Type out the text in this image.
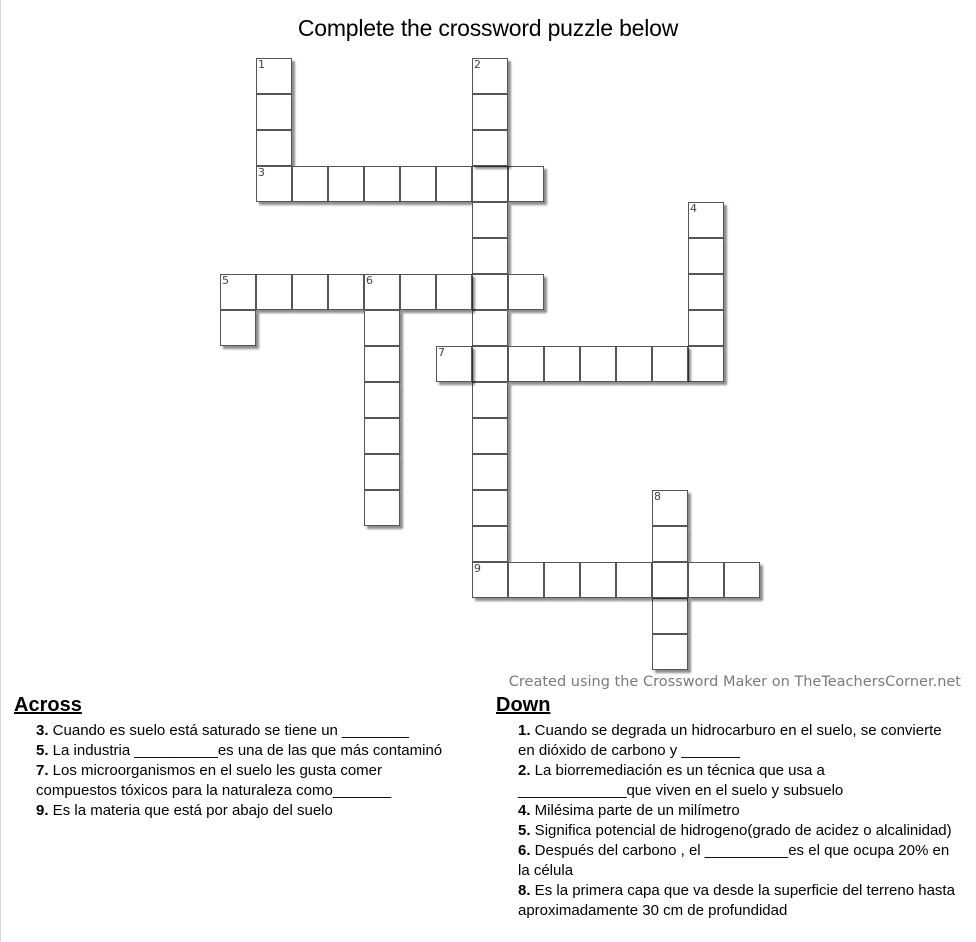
Complete the crossword puzzle below
1
3
2
4
5	6
7
8
9
Created using the Crossword Maker on TheTeachersCorner.net
Across
3. Cuando es suelo está saturado se tiene un ________
5. La industria __________es una de las que más contaminó
7. Los microorganismos en el suelo les gusta comer compuestos tóxicos para la naturaleza como_______
9. Es la materia que está por abajo del suelo
Down
1. Cuando se degrada un hidrocarburo en el suelo, se convierte en dióxido de carbono y _______
2. La biorremediación es un técnica que usa a _____________que viven en el suelo y subsuelo
4. Milésima parte de un milímetro
5. Significa potencial de hidrogeno(grado de acidez o alcalinidad)
6. Después del carbono , el __________es el que ocupa 20% en la célula
8. Es la primera capa que va desde la superficie del terreno hasta aproximadamente 30 cm de profundidad
